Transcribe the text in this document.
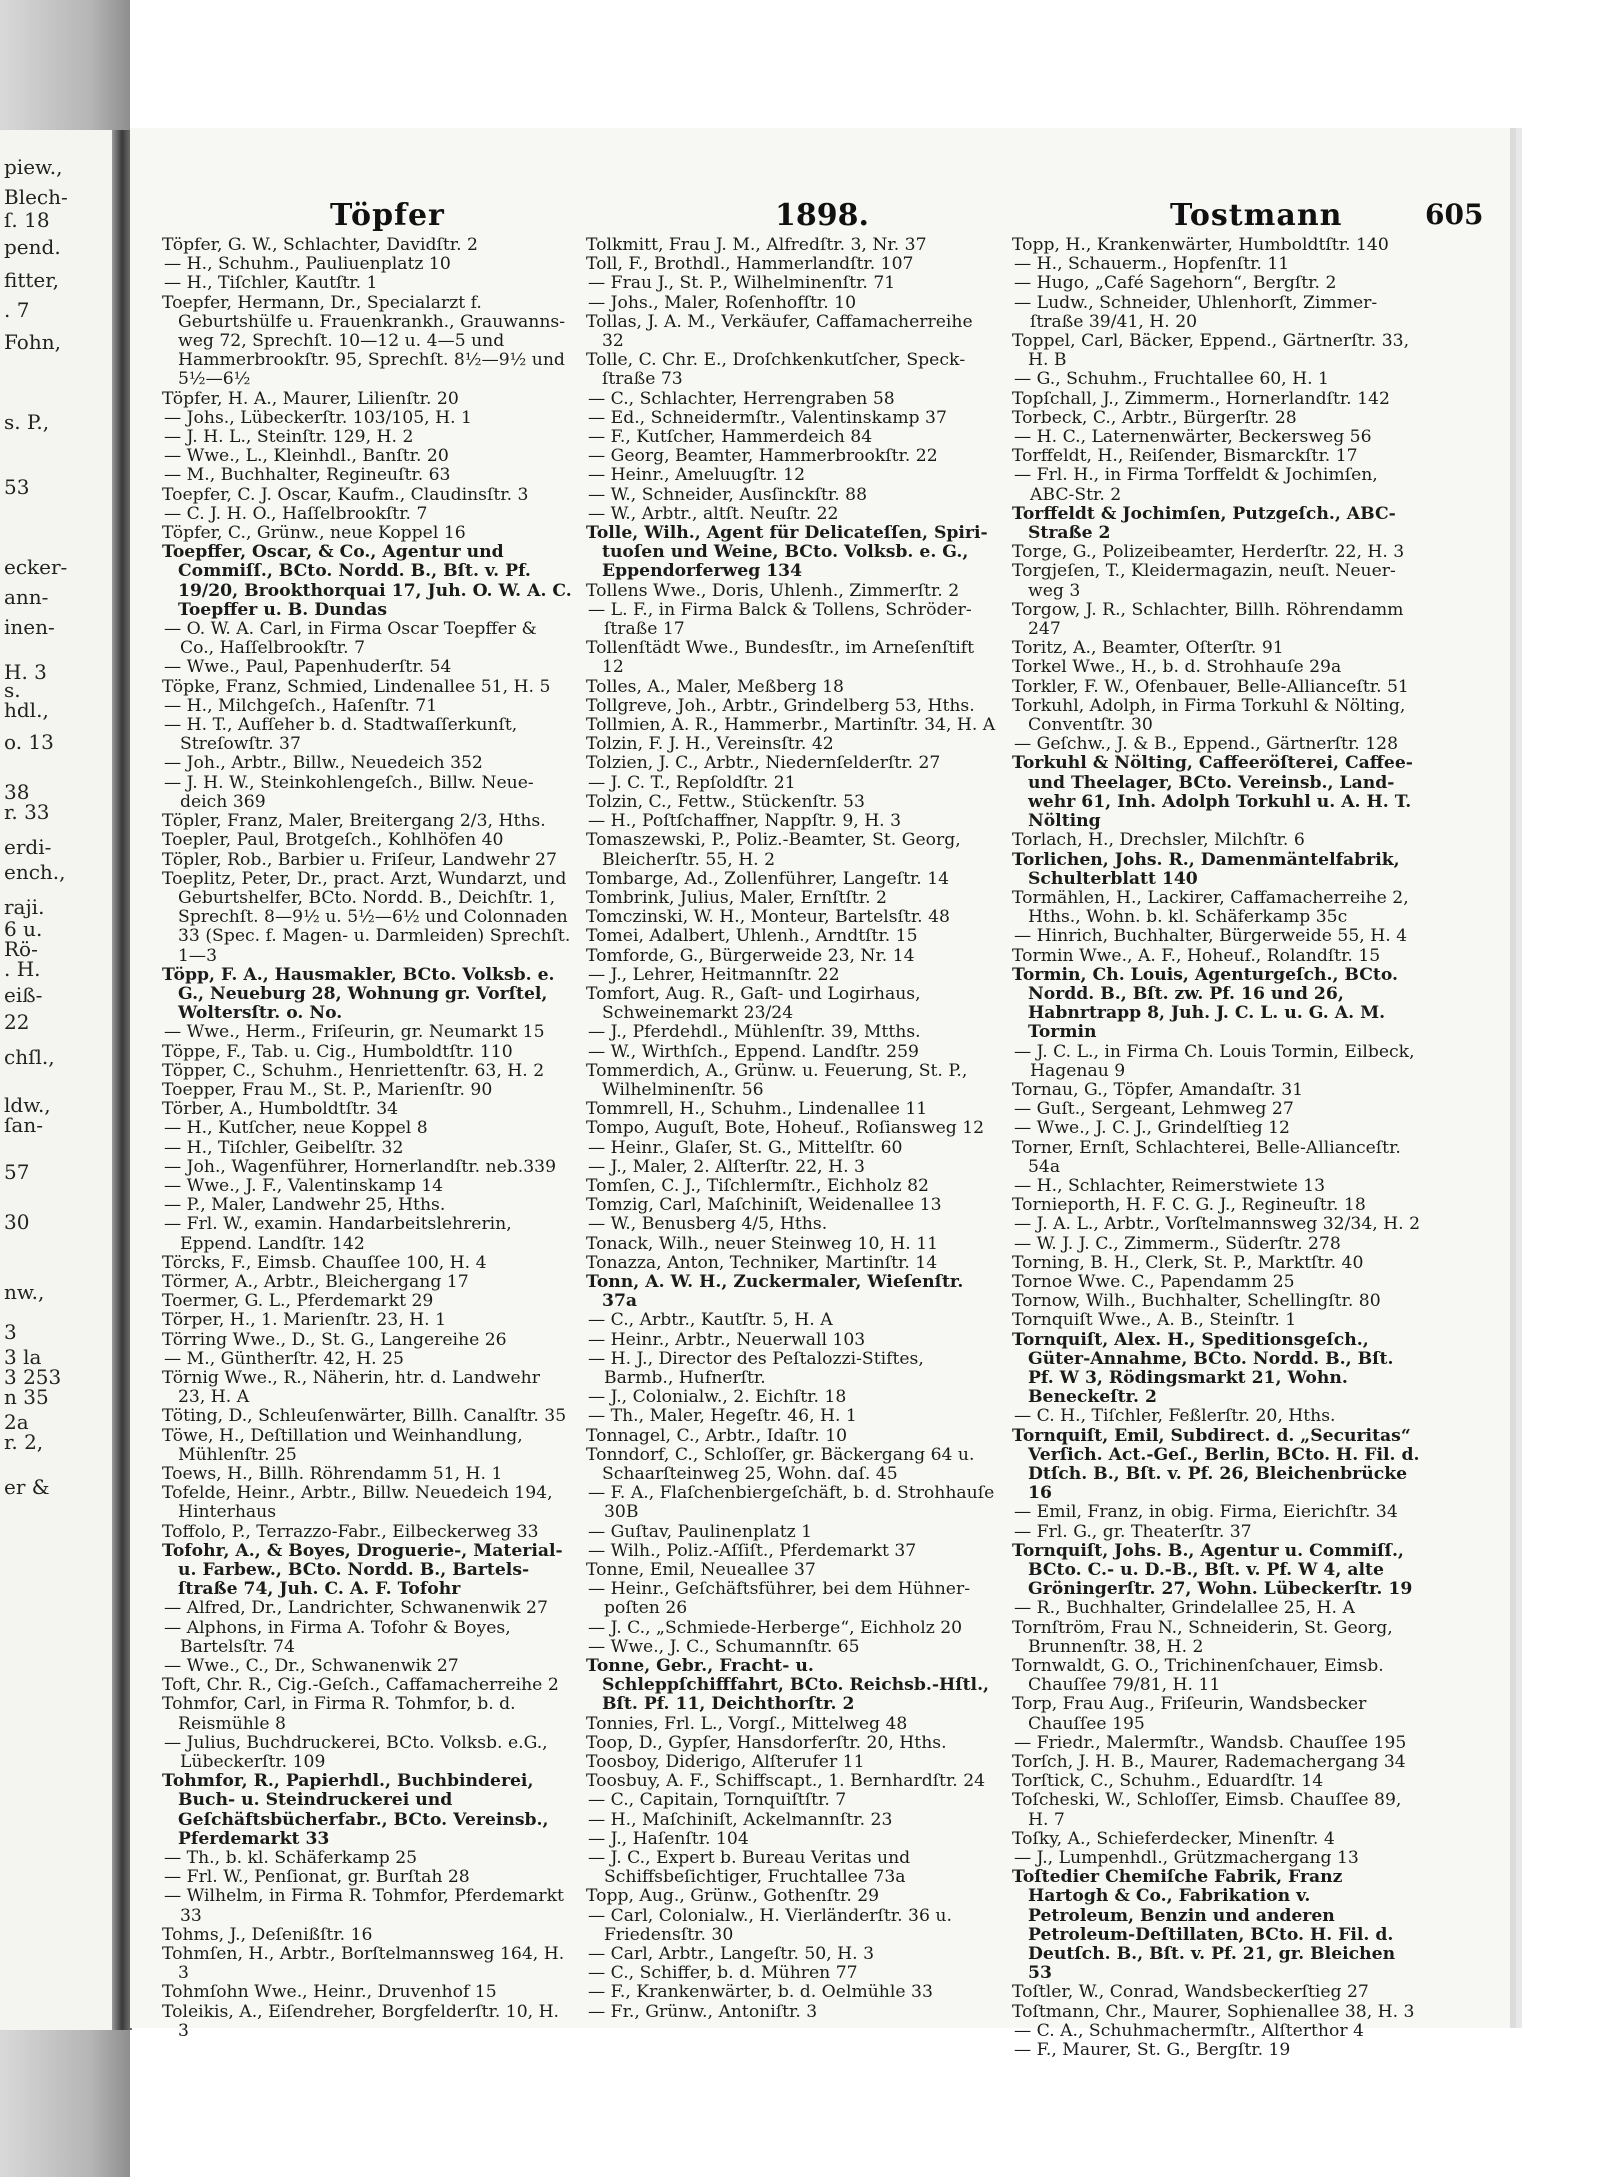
piew.,
Blech-
ſ. 18
pend.
fitter,
. 7
Fohn,
s. P.,
53
ecker-
ann-
inen-
H. 3
s.
hdl.,
o. 13
38
r. 33
erdi-
ench.,
raji.
6 u.
Rö-
. H.
eiß-
22
chſl.,
ldw.,
ſan-
57
30
nw.,
3
3 la
3 253
n 35
2a
r. 2,
er &
Töpfer	1898.	Tostmann	605
Töpfer, G. W., Schlachter, Davidſtr. 2
— H., Schuhm., Pauliuenplatz 10
— H., Tiſchler, Kautſtr. 1
Toepfer, Hermann, Dr., Specialarzt f. Geburtshülfe u. Frauenkrankh., Grauwannsweg 72, Sprechſt. 10—12 u. 4—5 und Hammerbrookſtr. 95, Sprechſt. 8½—9½ und 5½—6½
Töpfer, H. A., Maurer, Lilienſtr. 20
— Johs., Lübeckerſtr. 103/105, H. 1
— J. H. L., Steinſtr. 129, H. 2
— Wwe., L., Kleinhdl., Banſtr. 20
— M., Buchhalter, Regineuſtr. 63
Toepfer, C. J. Oscar, Kaufm., Claudinsſtr. 3
— C. J. H. O., Haſſelbrookſtr. 7
Töpfer, C., Grünw., neue Koppel 16
Toepffer, Oscar, & Co., Agentur und Commiſſ., BCto. Nordd. B., Bſt. v. Pf. 19/20, Brookthorquai 17, Juh. O. W. A. C. Toepffer u. B. Dundas
— O. W. A. Carl, in Firma Oscar Toepffer & Co., Haſſelbrookſtr. 7
— Wwe., Paul, Papenhuderſtr. 54
Töpke, Franz, Schmied, Lindenallee 51, H. 5
— H., Milchgeſch., Haſenſtr. 71
— H. T., Aufſeher b. d. Stadtwaſſerkunſt, Streſowſtr. 37
— Joh., Arbtr., Billw., Neuedeich 352
— J. H. W., Steinkohlengeſch., Billw. Neuedeich 369
Töpler, Franz, Maler, Breitergang 2/3, Hths.
Toepler, Paul, Brotgeſch., Kohlhöfen 40
Töpler, Rob., Barbier u. Friſeur, Landwehr 27
Toeplitz, Peter, Dr., pract. Arzt, Wundarzt, und Geburtshelfer, BCto. Nordd. B., Deichſtr. 1, Sprechſt. 8—9½ u. 5½—6½ und Colonnaden 33 (Spec. f. Magen- u. Darmleiden) Sprechſt. 1—3
Töpp, F. A., Hausmakler, BCto. Volksb. e. G., Neueburg 28, Wohnung gr. Vorſtel, Woltersſtr. o. No.
— Wwe., Herm., Friſeurin, gr. Neumarkt 15
Töppe, F., Tab. u. Cig., Humboldtſtr. 110
Töpper, C., Schuhm., Henriettenſtr. 63, H. 2
Toepper, Frau M., St. P., Marienſtr. 90
Törber, A., Humboldtſtr. 34
— H., Kutſcher, neue Koppel 8
— H., Tiſchler, Geibelſtr. 32
— Joh., Wagenführer, Hornerlandſtr. neb.339
— Wwe., J. F., Valentinskamp 14
— P., Maler, Landwehr 25, Hths.
— Frl. W., examin. Handarbeitslehrerin, Eppend. Landſtr. 142
Törcks, F., Eimsb. Chauſſee 100, H. 4
Törmer, A., Arbtr., Bleichergang 17
Toermer, G. L., Pferdemarkt 29
Törper, H., 1. Marienſtr. 23, H. 1
Törring Wwe., D., St. G., Langereihe 26
— M., Güntherſtr. 42, H. 25
Törnig Wwe., R., Näherin, htr. d. Landwehr 23, H. A
Töting, D., Schleuſenwärter, Billh. Canalſtr. 35
Töwe, H., Deſtillation und Weinhandlung, Mühlenſtr. 25
Toews, H., Billh. Röhrendamm 51, H. 1
Tofelde, Heinr., Arbtr., Billw. Neuedeich 194, Hinterhaus
Toffolo, P., Terrazzo-Fabr., Eilbeckerweg 33
Tofohr, A., & Boyes, Droguerie-, Material- u. Farbew., BCto. Nordd. B., Bartelsſtraße 74, Juh. C. A. F. Tofohr
— Alfred, Dr., Landrichter, Schwanenwik 27
— Alphons, in Firma A. Tofohr & Boyes, Bartelsſtr. 74
— Wwe., C., Dr., Schwanenwik 27
Toft, Chr. R., Cig.-Geſch., Caffamacherreihe 2
Tohmfor, Carl, in Firma R. Tohmfor, b. d. Reismühle 8
— Julius, Buchdruckerei, BCto. Volksb. e.G., Lübeckerſtr. 109
Tohmfor, R., Papierhdl., Buchbinderei, Buch- u. Steindruckerei und Geſchäftsbücherfabr., BCto. Vereinsb., Pferdemarkt 33
— Th., b. kl. Schäferkamp 25
— Frl. W., Penſionat, gr. Burſtah 28
— Wilhelm, in Firma R. Tohmfor, Pferdemarkt 33
Tohms, J., Deſenißſtr. 16
Tohmſen, H., Arbtr., Borſtelmannsweg 164, H. 3
Tohmſohn Wwe., Heinr., Druvenhof 15
Toleikis, A., Eiſendreher, Borgfelderſtr. 10, H. 3
Tolkmitt, Frau J. M., Alfredſtr. 3, Nr. 37
Toll, F., Brothdl., Hammerlandſtr. 107
— Frau J., St. P., Wilhelminenſtr. 71
— Johs., Maler, Roſenhofſtr. 10
Tollas, J. A. M., Verkäufer, Caffamacherreihe 32
Tolle, C. Chr. E., Droſchkenkutſcher, Speckſtraße 73
— C., Schlachter, Herrengraben 58
— Ed., Schneidermſtr., Valentinskamp 37
— F., Kutſcher, Hammerdeich 84
— Georg, Beamter, Hammerbrookſtr. 22
— Heinr., Ameluugſtr. 12
— W., Schneider, Ausſinckſtr. 88
— W., Arbtr., altſt. Neuſtr. 22
Tolle, Wilh., Agent für Delicateſſen, Spirituoſen und Weine, BCto. Volksb. e. G., Eppendorferweg 134
Tollens Wwe., Doris, Uhlenh., Zimmerſtr. 2
— L. F., in Firma Balck & Tollens, Schröderſtraße 17
Tollenſtädt Wwe., Bundesſtr., im Arneſenſtift 12
Tolles, A., Maler, Meßberg 18
Tollgreve, Joh., Arbtr., Grindelberg 53, Hths.
Tollmien, A. R., Hammerbr., Martinſtr. 34, H. A
Tolzin, F. J. H., Vereinsſtr. 42
Tolzien, J. C., Arbtr., Niedernſelderſtr. 27
— J. C. T., Repſoldſtr. 21
Tolzin, C., Fettw., Stückenſtr. 53
— H., Poſtſchaffner, Nappſtr. 9, H. 3
Tomaszewski, P., Poliz.-Beamter, St. Georg, Bleicherſtr. 55, H. 2
Tombarge, Ad., Zollenführer, Langeſtr. 14
Tombrink, Julius, Maler, Ernſtſtr. 2
Tomczinski, W. H., Monteur, Bartelsſtr. 48
Tomei, Adalbert, Uhlenh., Arndtſtr. 15
Tomforde, G., Bürgerweide 23, Nr. 14
— J., Lehrer, Heitmannſtr. 22
Tomfort, Aug. R., Gaſt- und Logirhaus, Schweinemarkt 23/24
— J., Pferdehdl., Mühlenſtr. 39, Mtths.
— W., Wirthſch., Eppend. Landſtr. 259
Tommerdich, A., Grünw. u. Feuerung, St. P., Wilhelminenſtr. 56
Tommrell, H., Schuhm., Lindenallee 11
Tompo, Auguſt, Bote, Hoheuf., Roſiansweg 12
— Heinr., Glaſer, St. G., Mittelſtr. 60
— J., Maler, 2. Alſterſtr. 22, H. 3
Tomſen, C. J., Tiſchlermſtr., Eichholz 82
Tomzig, Carl, Maſchiniſt, Weidenallee 13
— W., Benusberg 4/5, Hths.
Tonack, Wilh., neuer Steinweg 10, H. 11
Tonazza, Anton, Techniker, Martinſtr. 14
Tonn, A. W. H., Zuckermaler, Wieſenſtr. 37a
— C., Arbtr., Kautſtr. 5, H. A
— Heinr., Arbtr., Neuerwall 103
— H. J., Director des Peſtalozzi-Stiftes, Barmb., Hufnerſtr.
— J., Colonialw., 2. Eichſtr. 18
— Th., Maler, Hegeſtr. 46, H. 1
Tonnagel, C., Arbtr., Idaſtr. 10
Tonndorf, C., Schloſſer, gr. Bäckergang 64 u. Schaarſteinweg 25, Wohn. daſ. 45
— F. A., Flaſchenbiergeſchäft, b. d. Strohhauſe 30B
— Guſtav, Paulinenplatz 1
— Wilh., Poliz.-Aſſiſt., Pferdemarkt 37
Tonne, Emil, Neueallee 37
— Heinr., Geſchäftsführer, bei dem Hühnerpoſten 26
— J. C., „Schmiede-Herberge“, Eichholz 20
— Wwe., J. C., Schumannſtr. 65
Tonne, Gebr., Fracht- u. Schleppſchifffahrt, BCto. Reichsb.-Hſtl., Bſt. Pf. 11, Deichthorſtr. 2
Tonnies, Frl. L., Vorgſ., Mittelweg 48
Toop, D., Gypſer, Hansdorferſtr. 20, Hths.
Toosboy, Diderigo, Alſterufer 11
Toosbuy, A. F., Schiffscapt., 1. Bernhardſtr. 24
— C., Capitain, Tornquiſtſtr. 7
— H., Maſchiniſt, Ackelmannſtr. 23
— J., Haſenſtr. 104
— J. C., Expert b. Bureau Veritas und Schiffsbeſichtiger, Fruchtallee 73a
Topp, Aug., Grünw., Gothenſtr. 29
— Carl, Colonialw., H. Vierländerſtr. 36 u. Friedensſtr. 30
— Carl, Arbtr., Langeſtr. 50, H. 3
— C., Schiffer, b. d. Mühren 77
— F., Krankenwärter, b. d. Oelmühle 33
— Fr., Grünw., Antoniſtr. 3
Topp, H., Krankenwärter, Humboldtſtr. 140
— H., Schauerm., Hopfenſtr. 11
— Hugo, „Café Sagehorn“, Bergſtr. 2
— Ludw., Schneider, Uhlenhorſt, Zimmerſtraße 39/41, H. 20
Toppel, Carl, Bäcker, Eppend., Gärtnerſtr. 33, H. B
— G., Schuhm., Fruchtallee 60, H. 1
Topſchall, J., Zimmerm., Hornerlandſtr. 142
Torbeck, C., Arbtr., Bürgerſtr. 28
— H. C., Laternenwärter, Beckersweg 56
Torffeldt, H., Reiſender, Bismarckſtr. 17
— Frl. H., in Firma Torffeldt & Jochimſen, ABC-Str. 2
Torffeldt & Jochimſen, Putzgeſch., ABC-Straße 2
Torge, G., Polizeibeamter, Herderſtr. 22, H. 3
Torgjeſen, T., Kleidermagazin, neuſt. Neuerweg 3
Torgow, J. R., Schlachter, Billh. Röhrendamm 247
Toritz, A., Beamter, Oſterſtr. 91
Torkel Wwe., H., b. d. Strohhauſe 29a
Torkler, F. W., Ofenbauer, Belle-Allianceſtr. 51
Torkuhl, Adolph, in Firma Torkuhl & Nölting, Conventſtr. 30
— Geſchw., J. & B., Eppend., Gärtnerſtr. 128
Torkuhl & Nölting, Caffeeröſterei, Caffee- und Theelager, BCto. Vereinsb., Landwehr 61, Inh. Adolph Torkuhl u. A. H. T. Nölting
Torlach, H., Drechsler, Milchſtr. 6
Torlichen, Johs. R., Damenmäntelfabrik, Schulterblatt 140
Tormählen, H., Lackirer, Caffamacherreihe 2, Hths., Wohn. b. kl. Schäferkamp 35c
— Hinrich, Buchhalter, Bürgerweide 55, H. 4
Tormin Wwe., A. F., Hoheuf., Rolandſtr. 15
Tormin, Ch. Louis, Agenturgeſch., BCto. Nordd. B., Bſt. zw. Pf. 16 und 26, Habnrtrapp 8, Juh. J. C. L. u. G. A. M. Tormin
— J. C. L., in Firma Ch. Louis Tormin, Eilbeck, Hagenau 9
Tornau, G., Töpfer, Amandaſtr. 31
— Guſt., Sergeant, Lehmweg 27
— Wwe., J. C. J., Grindelſtieg 12
Torner, Ernſt, Schlachterei, Belle-Allianceſtr. 54a
— H., Schlachter, Reimerstwiete 13
Tornieporth, H. F. C. G. J., Regineuſtr. 18
— J. A. L., Arbtr., Vorſtelmannsweg 32/34, H. 2
— W. J. J. C., Zimmerm., Süderſtr. 278
Torning, B. H., Clerk, St. P., Marktſtr. 40
Tornoe Wwe. C., Papendamm 25
Tornow, Wilh., Buchhalter, Schellingſtr. 80
Tornquiſt Wwe., A. B., Steinſtr. 1
Tornquiſt, Alex. H., Speditionsgeſch., Güter-Annahme, BCto. Nordd. B., Bſt. Pf. W 3, Rödingsmarkt 21, Wohn. Beneckeſtr. 2
— C. H., Tiſchler, Feßlerſtr. 20, Hths.
Tornquiſt, Emil, Subdirect. d. „Securitas“ Verſich. Act.-Geſ., Berlin, BCto. H. Fil. d. Dtſch. B., Bſt. v. Pf. 26, Bleichenbrücke 16
— Emil, Franz, in obig. Firma, Eierichſtr. 34
— Frl. G., gr. Theaterſtr. 37
Tornquiſt, Johs. B., Agentur u. Commiſſ., BCto. C.- u. D.-B., Bſt. v. Pf. W 4, alte Gröningerſtr. 27, Wohn. Lübeckerſtr. 19
— R., Buchhalter, Grindelallee 25, H. A
Tornſtröm, Frau N., Schneiderin, St. Georg, Brunnenſtr. 38, H. 2
Tornwaldt, G. O., Trichinenſchauer, Eimsb. Chauſſee 79/81, H. 11
Torp, Frau Aug., Friſeurin, Wandsbecker Chauſſee 195
— Friedr., Malermſtr., Wandsb. Chauſſee 195
Torſch, J. H. B., Maurer, Rademachergang 34
Torſtick, C., Schuhm., Eduardſtr. 14
Toſcheski, W., Schloſſer, Eimsb. Chauſſee 89, H. 7
Toſky, A., Schieferdecker, Minenſtr. 4
— J., Lumpenhdl., Grützmachergang 13
Toſtedier Chemiſche Fabrik, Franz Hartogh & Co., Fabrikation v. Petroleum, Benzin und anderen Petroleum-Deſtillaten, BCto. H. Fil. d. Deutſch. B., Bſt. v. Pf. 21, gr. Bleichen 53
Toſtler, W., Conrad, Wandsbeckerſtieg 27
Toſtmann, Chr., Maurer, Sophienallee 38, H. 3
— C. A., Schuhmachermſtr., Alſterthor 4
— F., Maurer, St. G., Bergſtr. 19
